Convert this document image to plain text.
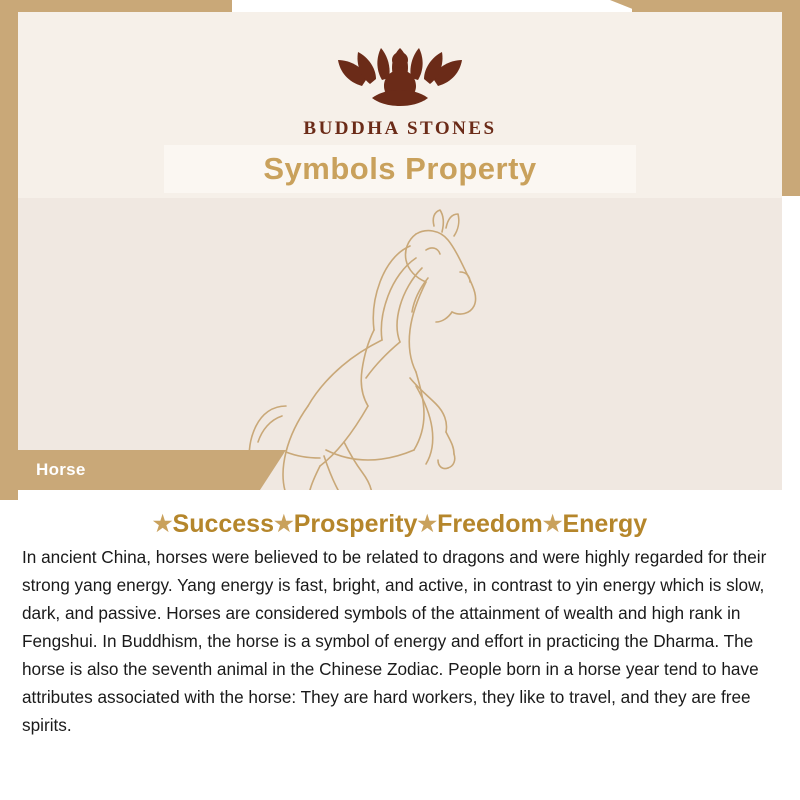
BUDDHA STONES
Symbols Property
Horse
★Success★Prosperity★Freedom★Energy
In ancient China, horses were believed to be related to dragons and were highly regarded for their strong yang energy. Yang energy is fast, bright, and active, in contrast to yin energy which is slow, dark, and passive. Horses are considered symbols of the attainment of wealth and high rank in Fengshui. In Buddhism, the horse is a symbol of energy and effort in practicing the Dharma. The horse is also the seventh animal in the Chinese Zodiac. People born in a horse year tend to have attributes associated with the horse: They are hard workers, they like to travel, and they are free spirits.
